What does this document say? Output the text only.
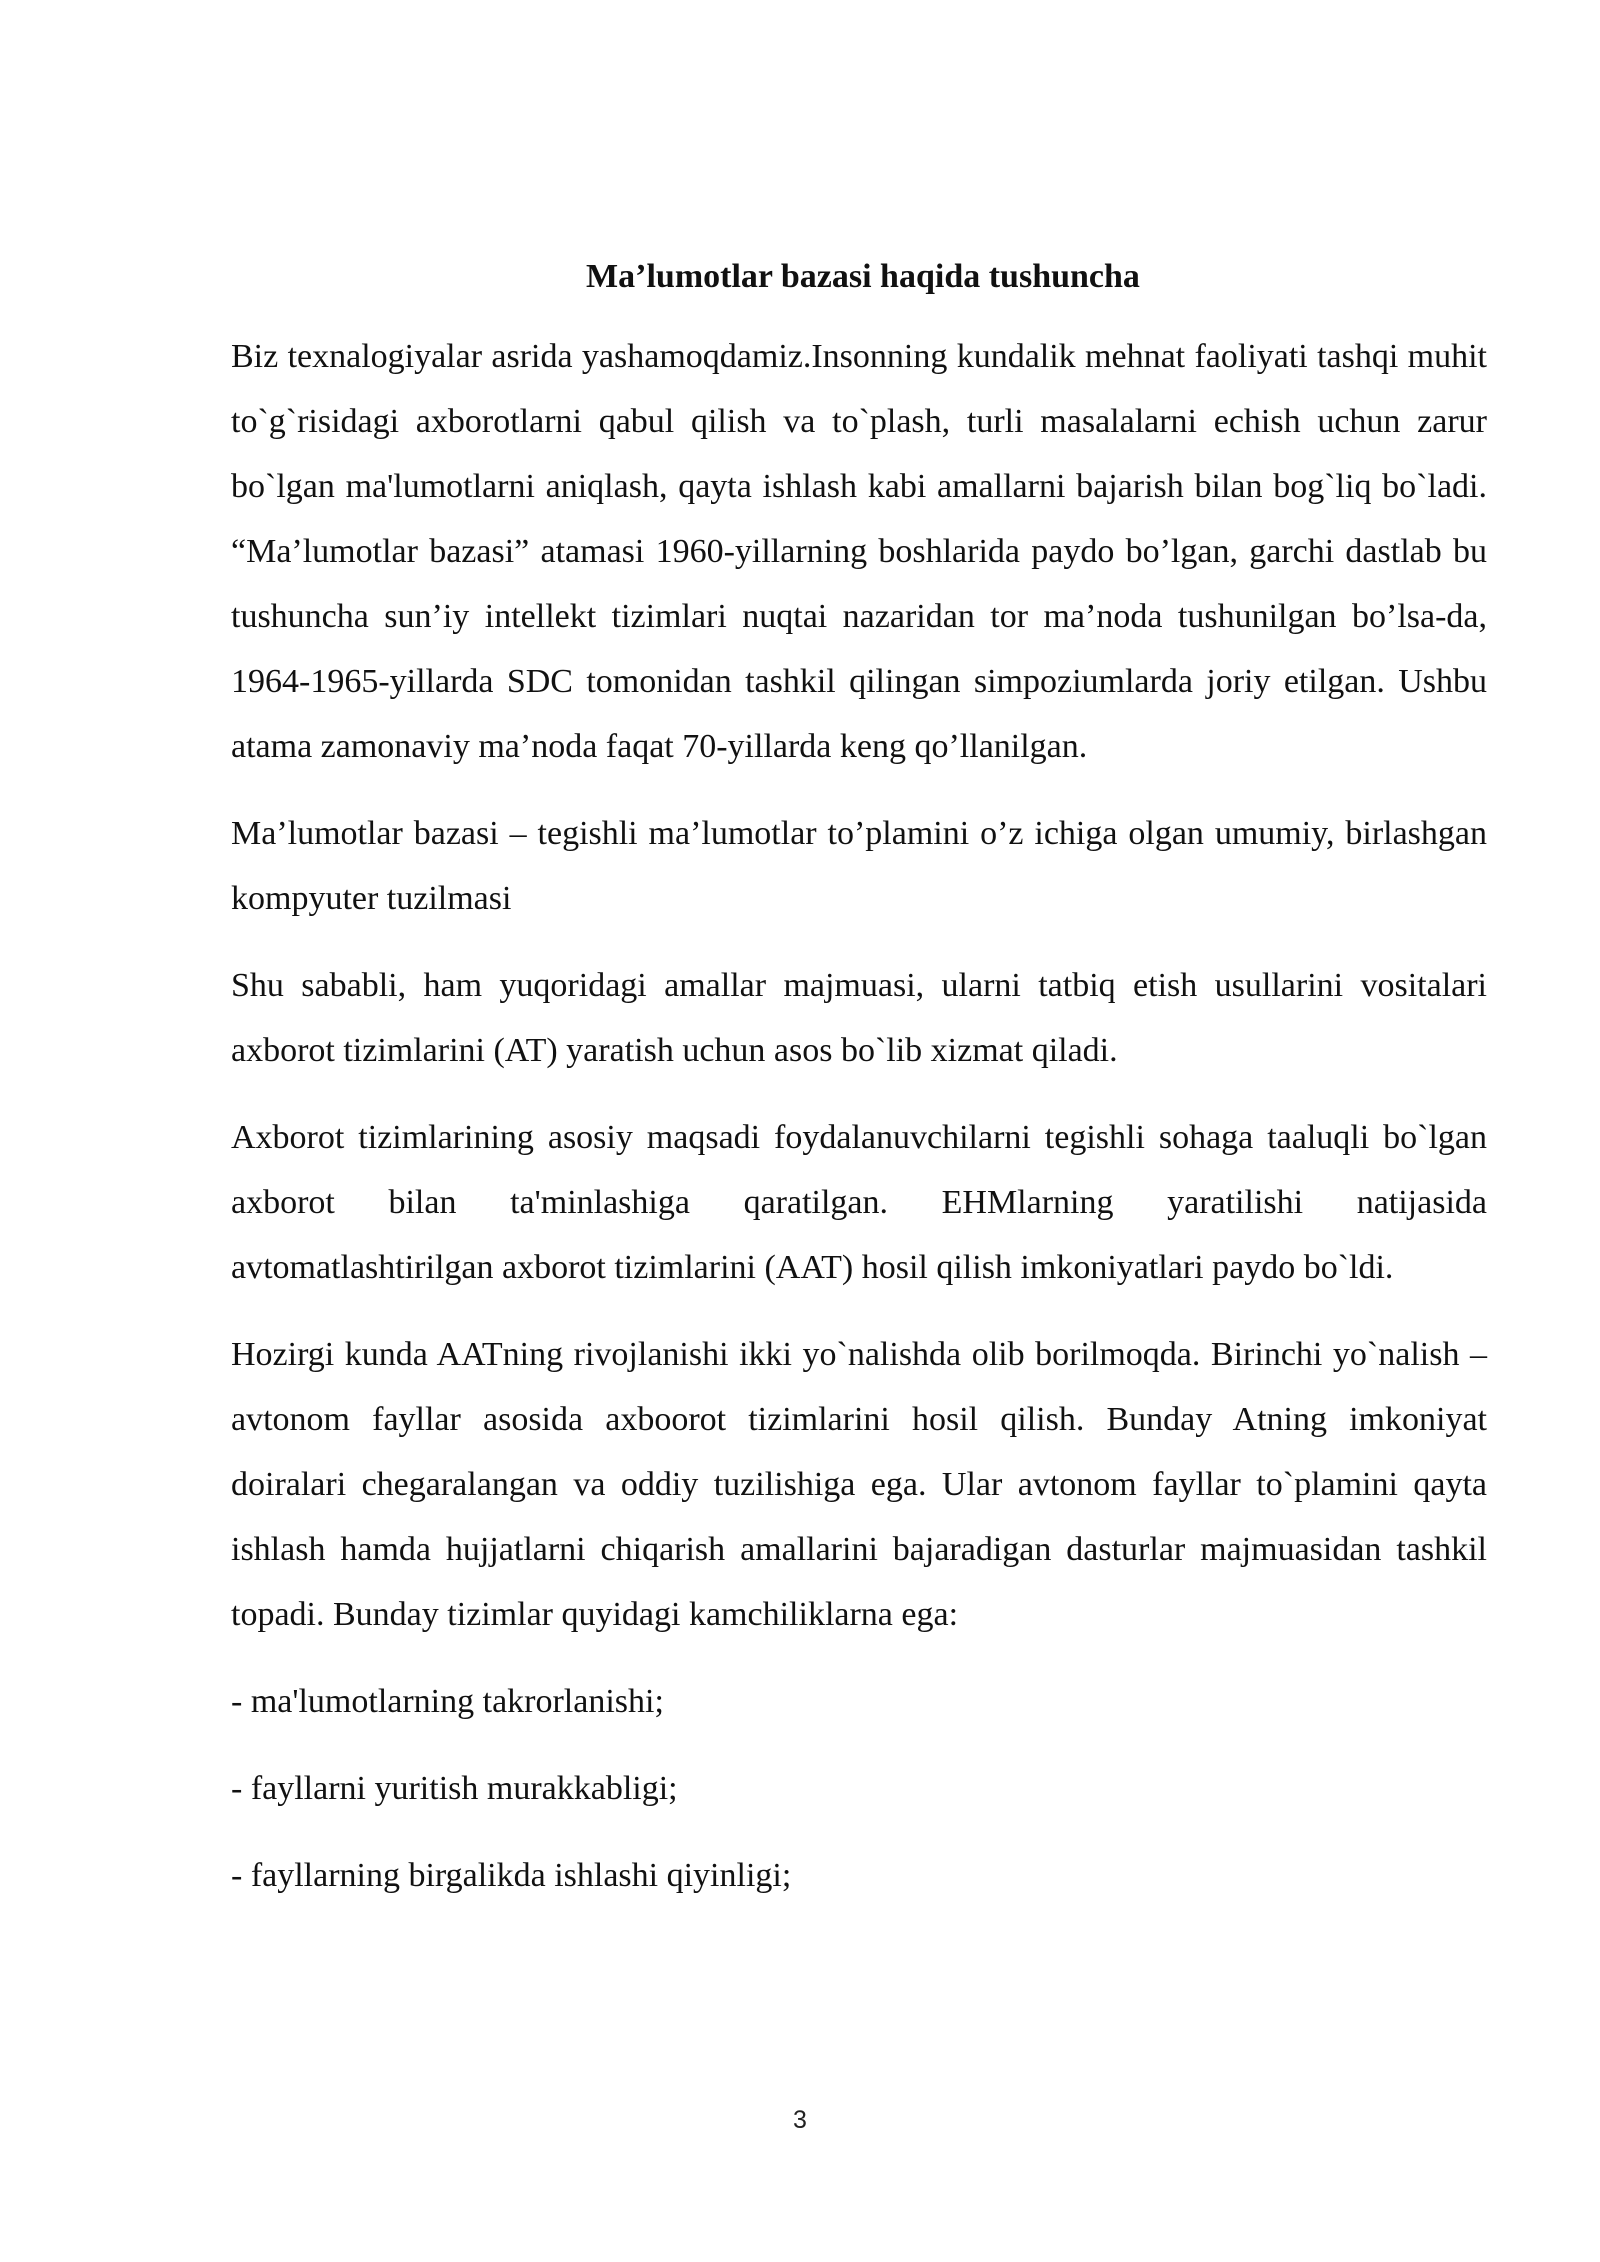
Ma’lumotlar bazasi haqida tushuncha

Biz texnalogiyalar asrida yashamoqdamiz.Insonning kundalik mehnat faoliyati tashqi muhit to`g`risidagi axborotlarni qabul qilish va to`plash, turli masalalarni echish uchun zarur bo`lgan ma'lumotlarni aniqlash, qayta ishlash kabi amallarni bajarish bilan bog`liq bo`ladi. “Ma’lumotlar bazasi” atamasi 1960-yillarning boshlarida paydo bo’lgan, garchi dastlab bu tushuncha sun’iy intellekt tizimlari nuqtai nazaridan tor ma’noda tushunilgan bo’lsa-da, 1964-1965-yillarda SDC tomonidan tashkil qilingan simpoziumlarda joriy etilgan. Ushbu atama zamonaviy ma’noda faqat 70-yillarda keng qo’llanilgan.

Ma’lumotlar bazasi – tegishli ma’lumotlar to’plamini o’z ichiga olgan umumiy, birlashgan kompyuter tuzilmasi

Shu sababli, ham yuqoridagi amallar majmuasi, ularni tatbiq etish usullarini vositalari axborot tizimlarini (AT) yaratish uchun asos bo`lib xizmat qiladi.

Axborot tizimlarining asosiy maqsadi foydalanuvchilarni tegishli sohaga taaluqli bo`lgan axborot bilan ta'minlashiga qaratilgan. EHMlarning yaratilishi natijasida avtomatlashtirilgan axborot tizimlarini (AAT) hosil qilish imkoniyatlari paydo bo`ldi.

Hozirgi kunda AATning rivojlanishi ikki yo`nalishda olib borilmoqda. Birinchi yo`nalish – avtonom fayllar asosida axboorot tizimlarini hosil qilish. Bunday Atning imkoniyat doiralari chegaralangan va oddiy tuzilishiga ega. Ular avtonom fayllar to`plamini qayta ishlash hamda hujjatlarni chiqarish amallarini bajaradigan dasturlar majmuasidan tashkil topadi. Bunday tizimlar quyidagi kamchiliklarna ega:

- ma'lumotlarning takrorlanishi;
- fayllarni yuritish murakkabligi;
- fayllarning birgalikda ishlashi qiyinligi;
3
